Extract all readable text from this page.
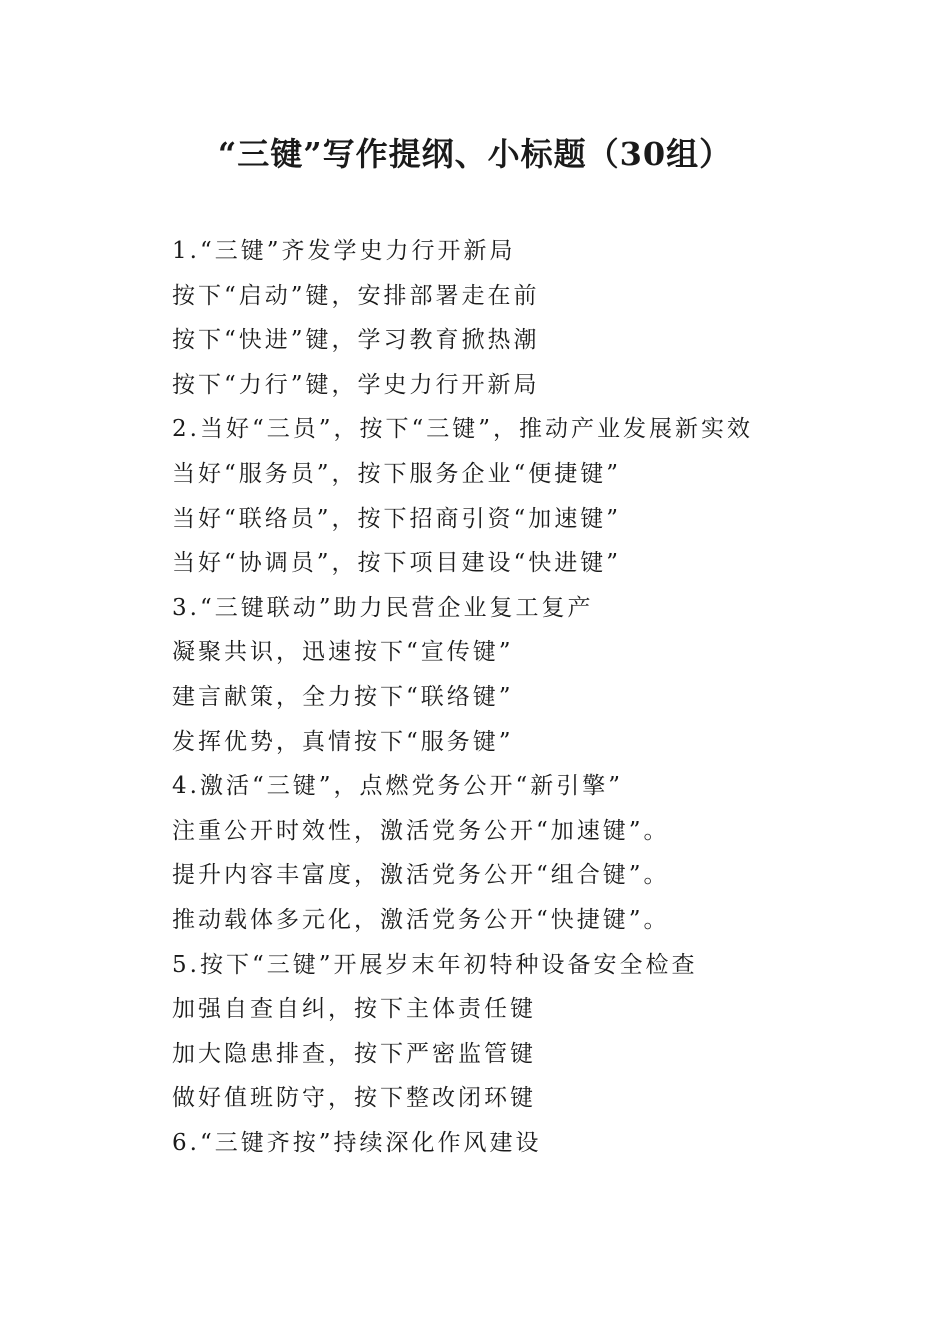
“三键”写作提纲、小标题（30组）
1.“三键”齐发学史力行开新局
按下“启动”键，安排部署走在前
按下“快进”键，学习教育掀热潮
按下“力行”键，学史力行开新局
2.当好“三员”，按下“三键”，推动产业发展新实效
当好“服务员”，按下服务企业“便捷键”
当好“联络员”，按下招商引资“加速键”
当好“协调员”，按下项目建设“快进键”
3.“三键联动”助力民营企业复工复产
凝聚共识，迅速按下“宣传键”
建言献策，全力按下“联络键”
发挥优势，真情按下“服务键”
4.激活“三键”，点燃党务公开“新引擎”
注重公开时效性，激活党务公开“加速键”。
提升内容丰富度，激活党务公开“组合键”。
推动载体多元化，激活党务公开“快捷键”。
5.按下“三键”开展岁末年初特种设备安全检查
加强自查自纠，按下主体责任键
加大隐患排查，按下严密监管键
做好值班防守，按下整改闭环键
6.“三键齐按”持续深化作风建设
